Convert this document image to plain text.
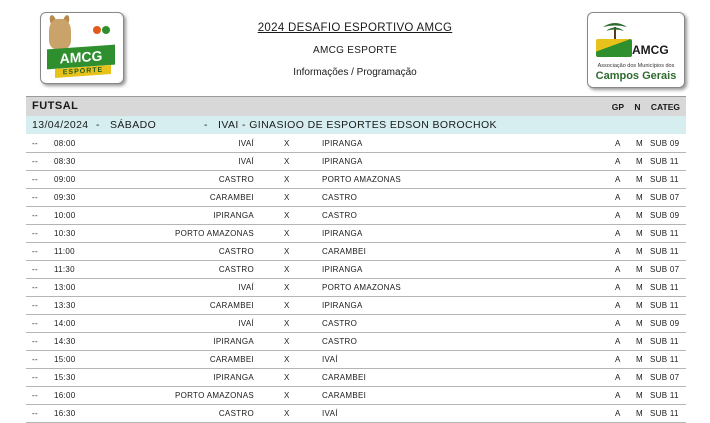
AMCG
ESPORTE
2024 DESAFIO ESPORTIVO AMCG
AMCG ESPORTE
Informações / Programação
AMCG
Associação dos Municípios dos
Campos Gerais
FUTSAL	GP N CATEG
13/04/2024 - SÁBADO	- IVAI - GINASIOO DE ESPORTES EDSON BOROCHOK
-- 08:00	IVAÍ	X	IPIRANGA	A M SUB 09
-- 08:30	IVAÍ	X	IPIRANGA	A M SUB 11
-- 09:00	CASTRO	X	PORTO AMAZONAS	A M SUB 11
-- 09:30	CARAMBEI	X	CASTRO	A M SUB 07
-- 10:00	IPIRANGA	X	CASTRO	A M SUB 09
-- 10:30	PORTO AMAZONAS	X	IPIRANGA	A M SUB 11
-- 11:00	CASTRO	X	CARAMBEI	A M SUB 11
-- 11:30	CASTRO	X	IPIRANGA	A M SUB 07
-- 13:00	IVAÍ	X	PORTO AMAZONAS	A M SUB 11
-- 13:30	CARAMBEI	X	IPIRANGA	A M SUB 11
-- 14:00	IVAÍ	X	CASTRO	A M SUB 09
-- 14:30	IPIRANGA	X	CASTRO	A M SUB 11
-- 15:00	CARAMBEI	X	IVAÍ	A M SUB 11
-- 15:30	IPIRANGA	X	CARAMBEI	A M SUB 07
-- 16:00	PORTO AMAZONAS	X	CARAMBEI	A M SUB 11
-- 16:30	CASTRO	X	IVAÍ	A M SUB 11
